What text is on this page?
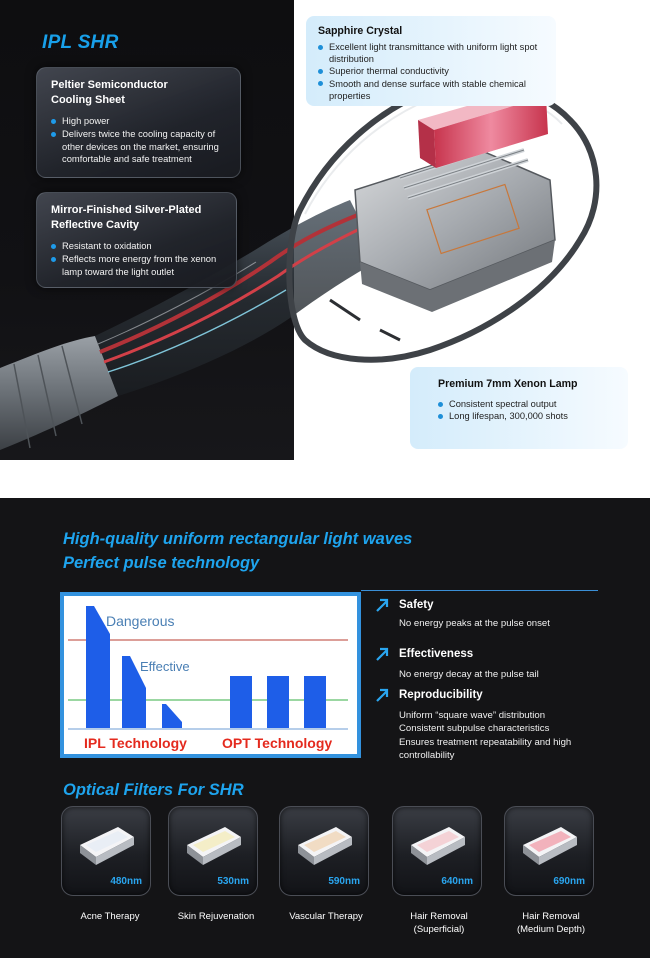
IPL SHR
Peltier Semiconductor
Cooling Sheet
High power
Delivers twice the cooling capacity of other devices on the market, ensuring comfortable and safe treatment
Mirror-Finished Silver-Plated
Reflective Cavity
Resistant to oxidation
Reflects more energy from the xenon lamp toward the light outlet
Sapphire Crystal
Excellent light transmittance with uniform light spot distribution
Superior thermal conductivity
Smooth and dense surface with stable chemical properties
Premium 7mm Xenon Lamp
Consistent spectral output
Long lifespan, 300,000 shots
High-quality uniform rectangular light waves
Perfect pulse technology
Dangerous
Effective
IPL Technology	OPT Technology
Safety
No energy peaks at the pulse onset
Effectiveness
No energy decay at the pulse tail
Reproducibility
Uniform “square wave” distribution
Consistent subpulse characteristics
Ensures treatment repeatability and high
controllability
Optical Filters For SHR
480nm
Acne Therapy
530nm
Skin Rejuvenation
590nm
Vascular Therapy
640nm
Hair Removal
(Superficial)
690nm
Hair Removal
(Medium Depth)
